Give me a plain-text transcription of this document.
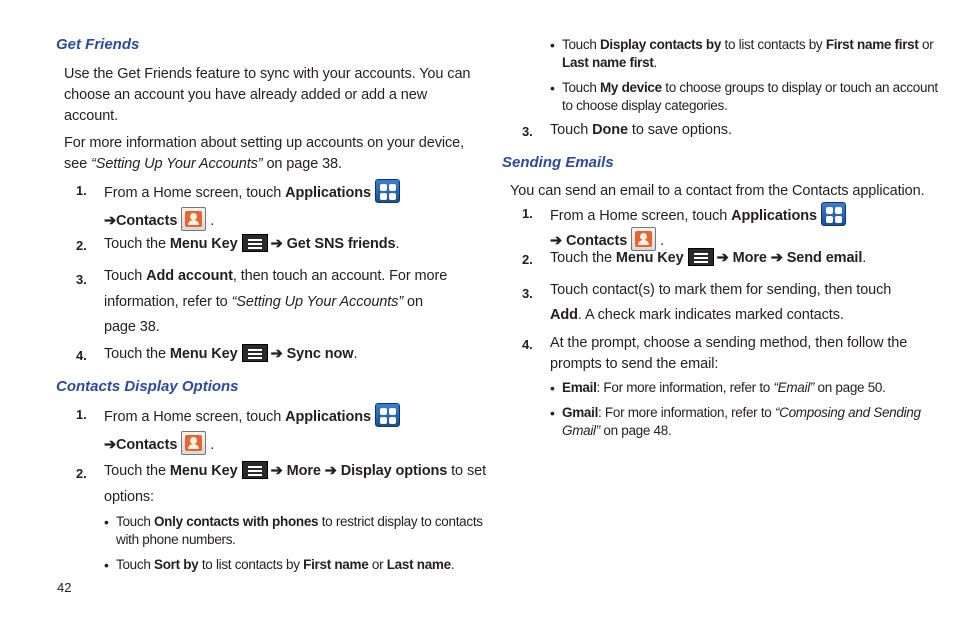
Get Friends
Use the Get Friends feature to sync with your accounts. You can
choose an account you have already added or add a new
account.
For more information about setting up accounts on your device,
see “Setting Up Your Accounts” on page 38.
1. From a Home screen, touch Applications
➔Contacts .
2. Touch the Menu Key ➔ Get SNS friends.
3. Touch Add account, then touch an account. For more
information, refer to “Setting Up Your Accounts” on
page 38.
4. Touch the Menu Key ➔ Sync now.
Contacts Display Options
1. From a Home screen, touch Applications
➔Contacts .
2. Touch the Menu Key ➔ More ➔ Display options to set
options:
• Touch Only contacts with phones to restrict display to contacts
with phone numbers.
• Touch Sort by to list contacts by First name or Last name.
• Touch Display contacts by to list contacts by First name first or
Last name first.
• Touch My device to choose groups to display or touch an account
to choose display categories.
3. Touch Done to save options.
Sending Emails
You can send an email to a contact from the Contacts application.
1. From a Home screen, touch Applications
➔ Contacts .
2. Touch the Menu Key ➔ More ➔ Send email.
3. Touch contact(s) to mark them for sending, then touch
Add. A check mark indicates marked contacts.
4. At the prompt, choose a sending method, then follow the
prompts to send the email:
• Email: For more information, refer to “Email” on page 50.
• Gmail: For more information, refer to “Composing and Sending
Gmail” on page 48.
42
